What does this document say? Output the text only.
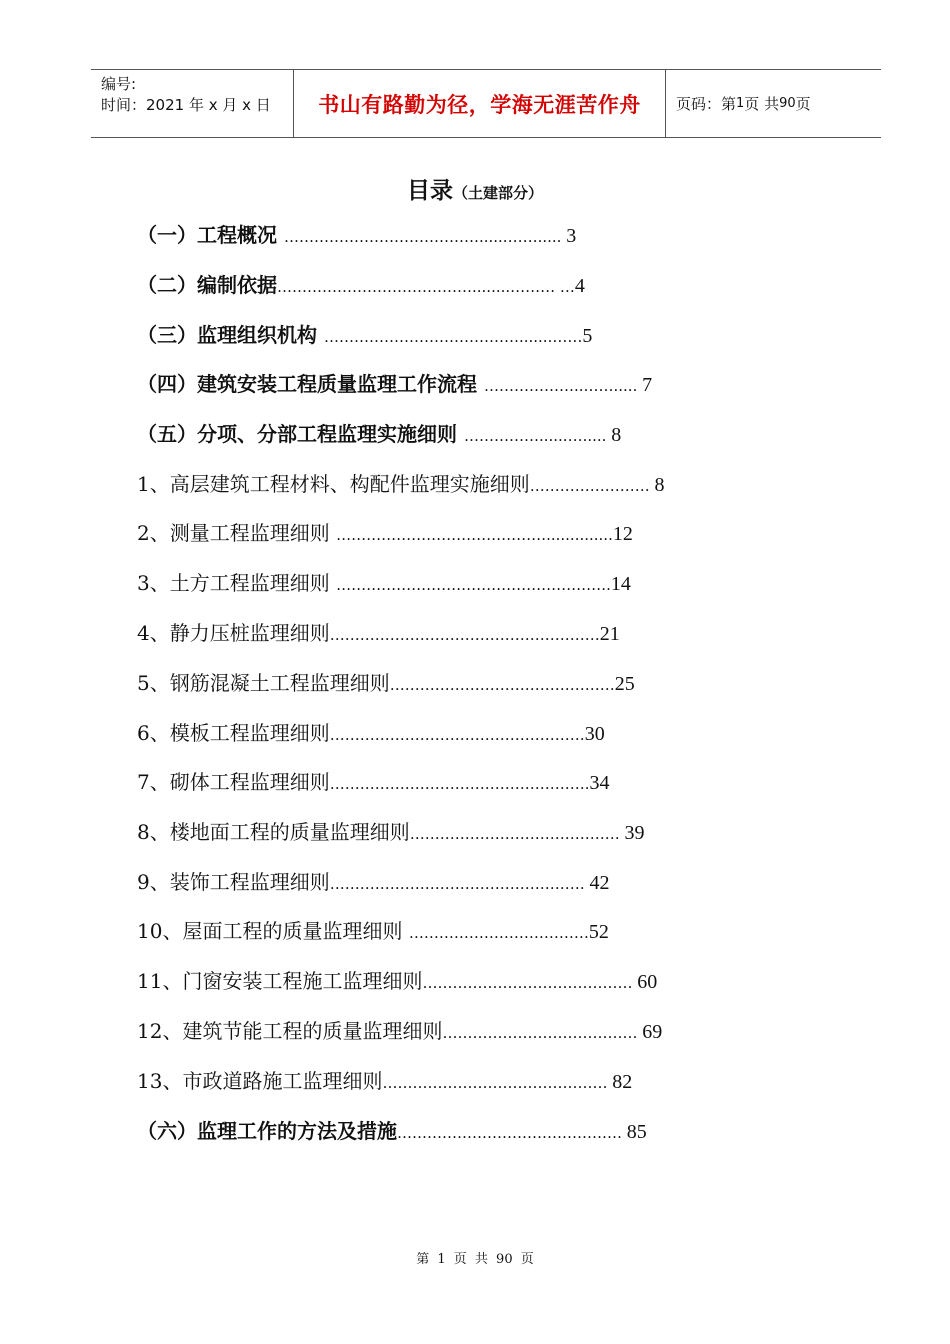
编号:
时间：2021 年 x 月 x 日	书山有路勤为径，学海无涯苦作舟	页码：第 1 页 共 90 页
目录（土建部分）
（一）工程概况 …………………………………......……..... 3
（二）编制依据…………………………………........……… …4
（三）监理组织机构 ………………………………….......……5
（四）建筑安装工程质量监理工作流程 ………………..……..... 7
（五）分项、分部工程监理实施细则 ……………......…..... 8
1、高层建筑工程材料、构配件监理实施细则…………………… 8
2、测量工程监理细则 ……………………………………..............12
3、土方工程监理细则 ……………………………………………….14
4、静力压桩监理细则………………………………………………21
5、钢筋混凝土工程监理细则………………………………………25
6、模板工程监理细则……………………………………………30
7、砌体工程监理细则…………………………………………….34
8、楼地面工程的质量监理细则…………………………………… 39
9、装饰工程监理细则…………………………………………… 42
10、屋面工程的质量监理细则 ………………………………52
11、门窗安装工程施工监理细则…………………………………… 60
12、建筑节能工程的质量监理细则………………………………… 69
13、市政道路施工监理细则……………………………………… 82
（六）监理工作的方法及措施……………………………………… 85
第 1 页 共 90 页
